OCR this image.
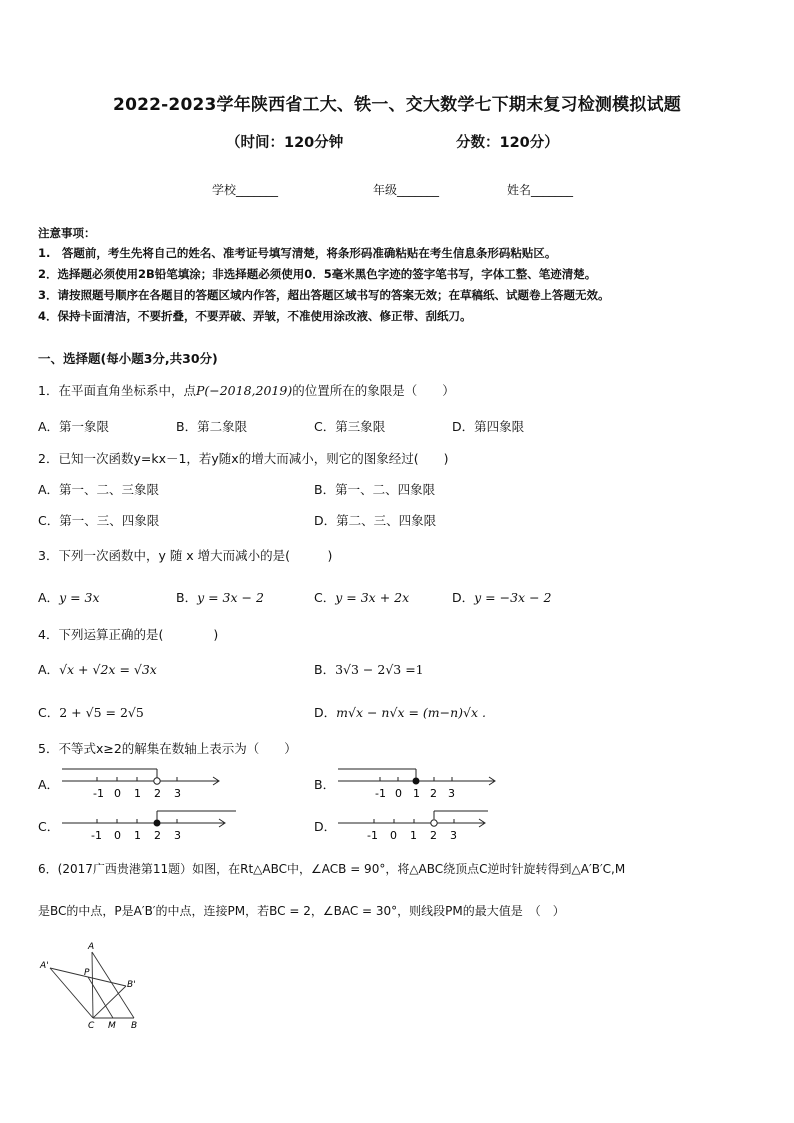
2022-2023学年陕西省工大、铁一、交大数学七下期末复习检测模拟试题
（时间：120分钟	分数：120分）
学校_______	年级_______	姓名_______
注意事项：
1.　答题前，考生先将自己的姓名、准考证号填写清楚，将条形码准确粘贴在考生信息条形码粘贴区。
2．选择题必须使用2B铅笔填涂；非选择题必须使用0．5毫米黑色字迹的签字笔书写，字体工整、笔迹清楚。
3．请按照题号顺序在各题目的答题区域内作答，超出答题区域书写的答案无效；在草稿纸、试题卷上答题无效。
4．保持卡面清洁，不要折叠，不要弄破、弄皱，不准使用涂改液、修正带、刮纸刀。
一、选择题(每小题3分,共30分)
1．在平面直角坐标系中，点P(−2018,2019)的位置所在的象限是（　　）
A．第一象限	B．第二象限	C．第三象限	D．第四象限
2．已知一次函数y=kx－1，若y随x的增大而减小，则它的图象经过(　　)
A．第一、二、三象限	B．第一、二、四象限
C．第一、三、四象限	D．第二、三、四象限
3．下列一次函数中，y 随 x 增大而减小的是(　　　)
A．y = 3x	B．y = 3x − 2	C．y = 3x + 2x	D．y = −3x − 2
4．下列运算正确的是(　　　　)
A．√x + √2x = √3x	B．3√3 − 2√3 =1
C．2 + √5 = 2√5	D．m√x − n√x = (m−n)√x .
5．不等式x≥2的解集在数轴上表示为（　　）
A．	B．
C．	D．
-1 0 1 2 3	-1 0 1 2 3
-1 0 1 2 3	-1 0 1 2 3
6．(2017广西贵港第11题）如图，在Rt△ABC中，∠ACB = 90°，将△ABC绕顶点C逆时针旋转得到△A′B′C,M
是BC的中点，P是A′B′的中点，连接PM，若BC = 2，∠BAC = 30°，则线段PM的最大值是　（　）
A
A'
P
B'
C M B
